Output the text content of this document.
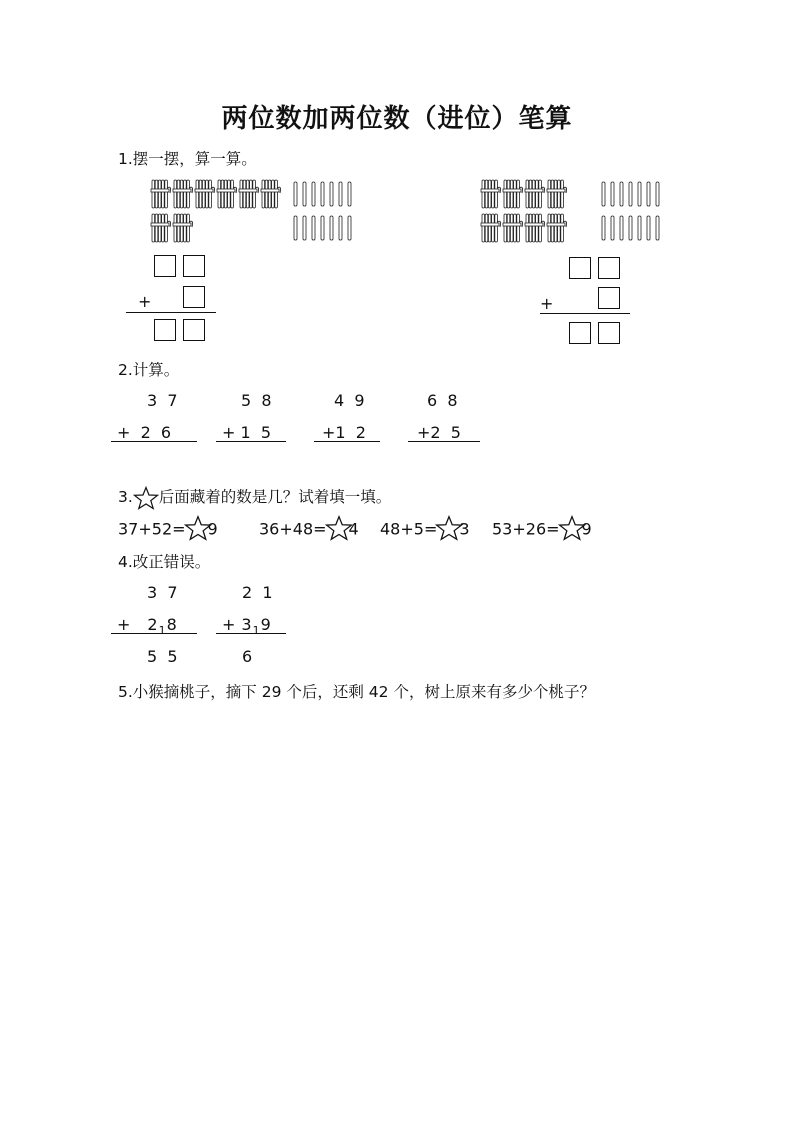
两位数加两位数（进位）笔算
1.摆一摆，算一算。
+	+
2.计算。
3  7
+  2  6
5  8
+ 1  5
4  9
+1  2
6  8
+2  5
3. 后面藏着的数是几？试着填一填。
37+52= 9	36+48= 4 48+5= 3 53+26= 9
4.改正错误。
3  7
+ $2_18$
5  5
2  1
+ $3_19$
6
5.小猴摘桃子，摘下 29 个后，还剩 42 个，树上原来有多少个桃子？
